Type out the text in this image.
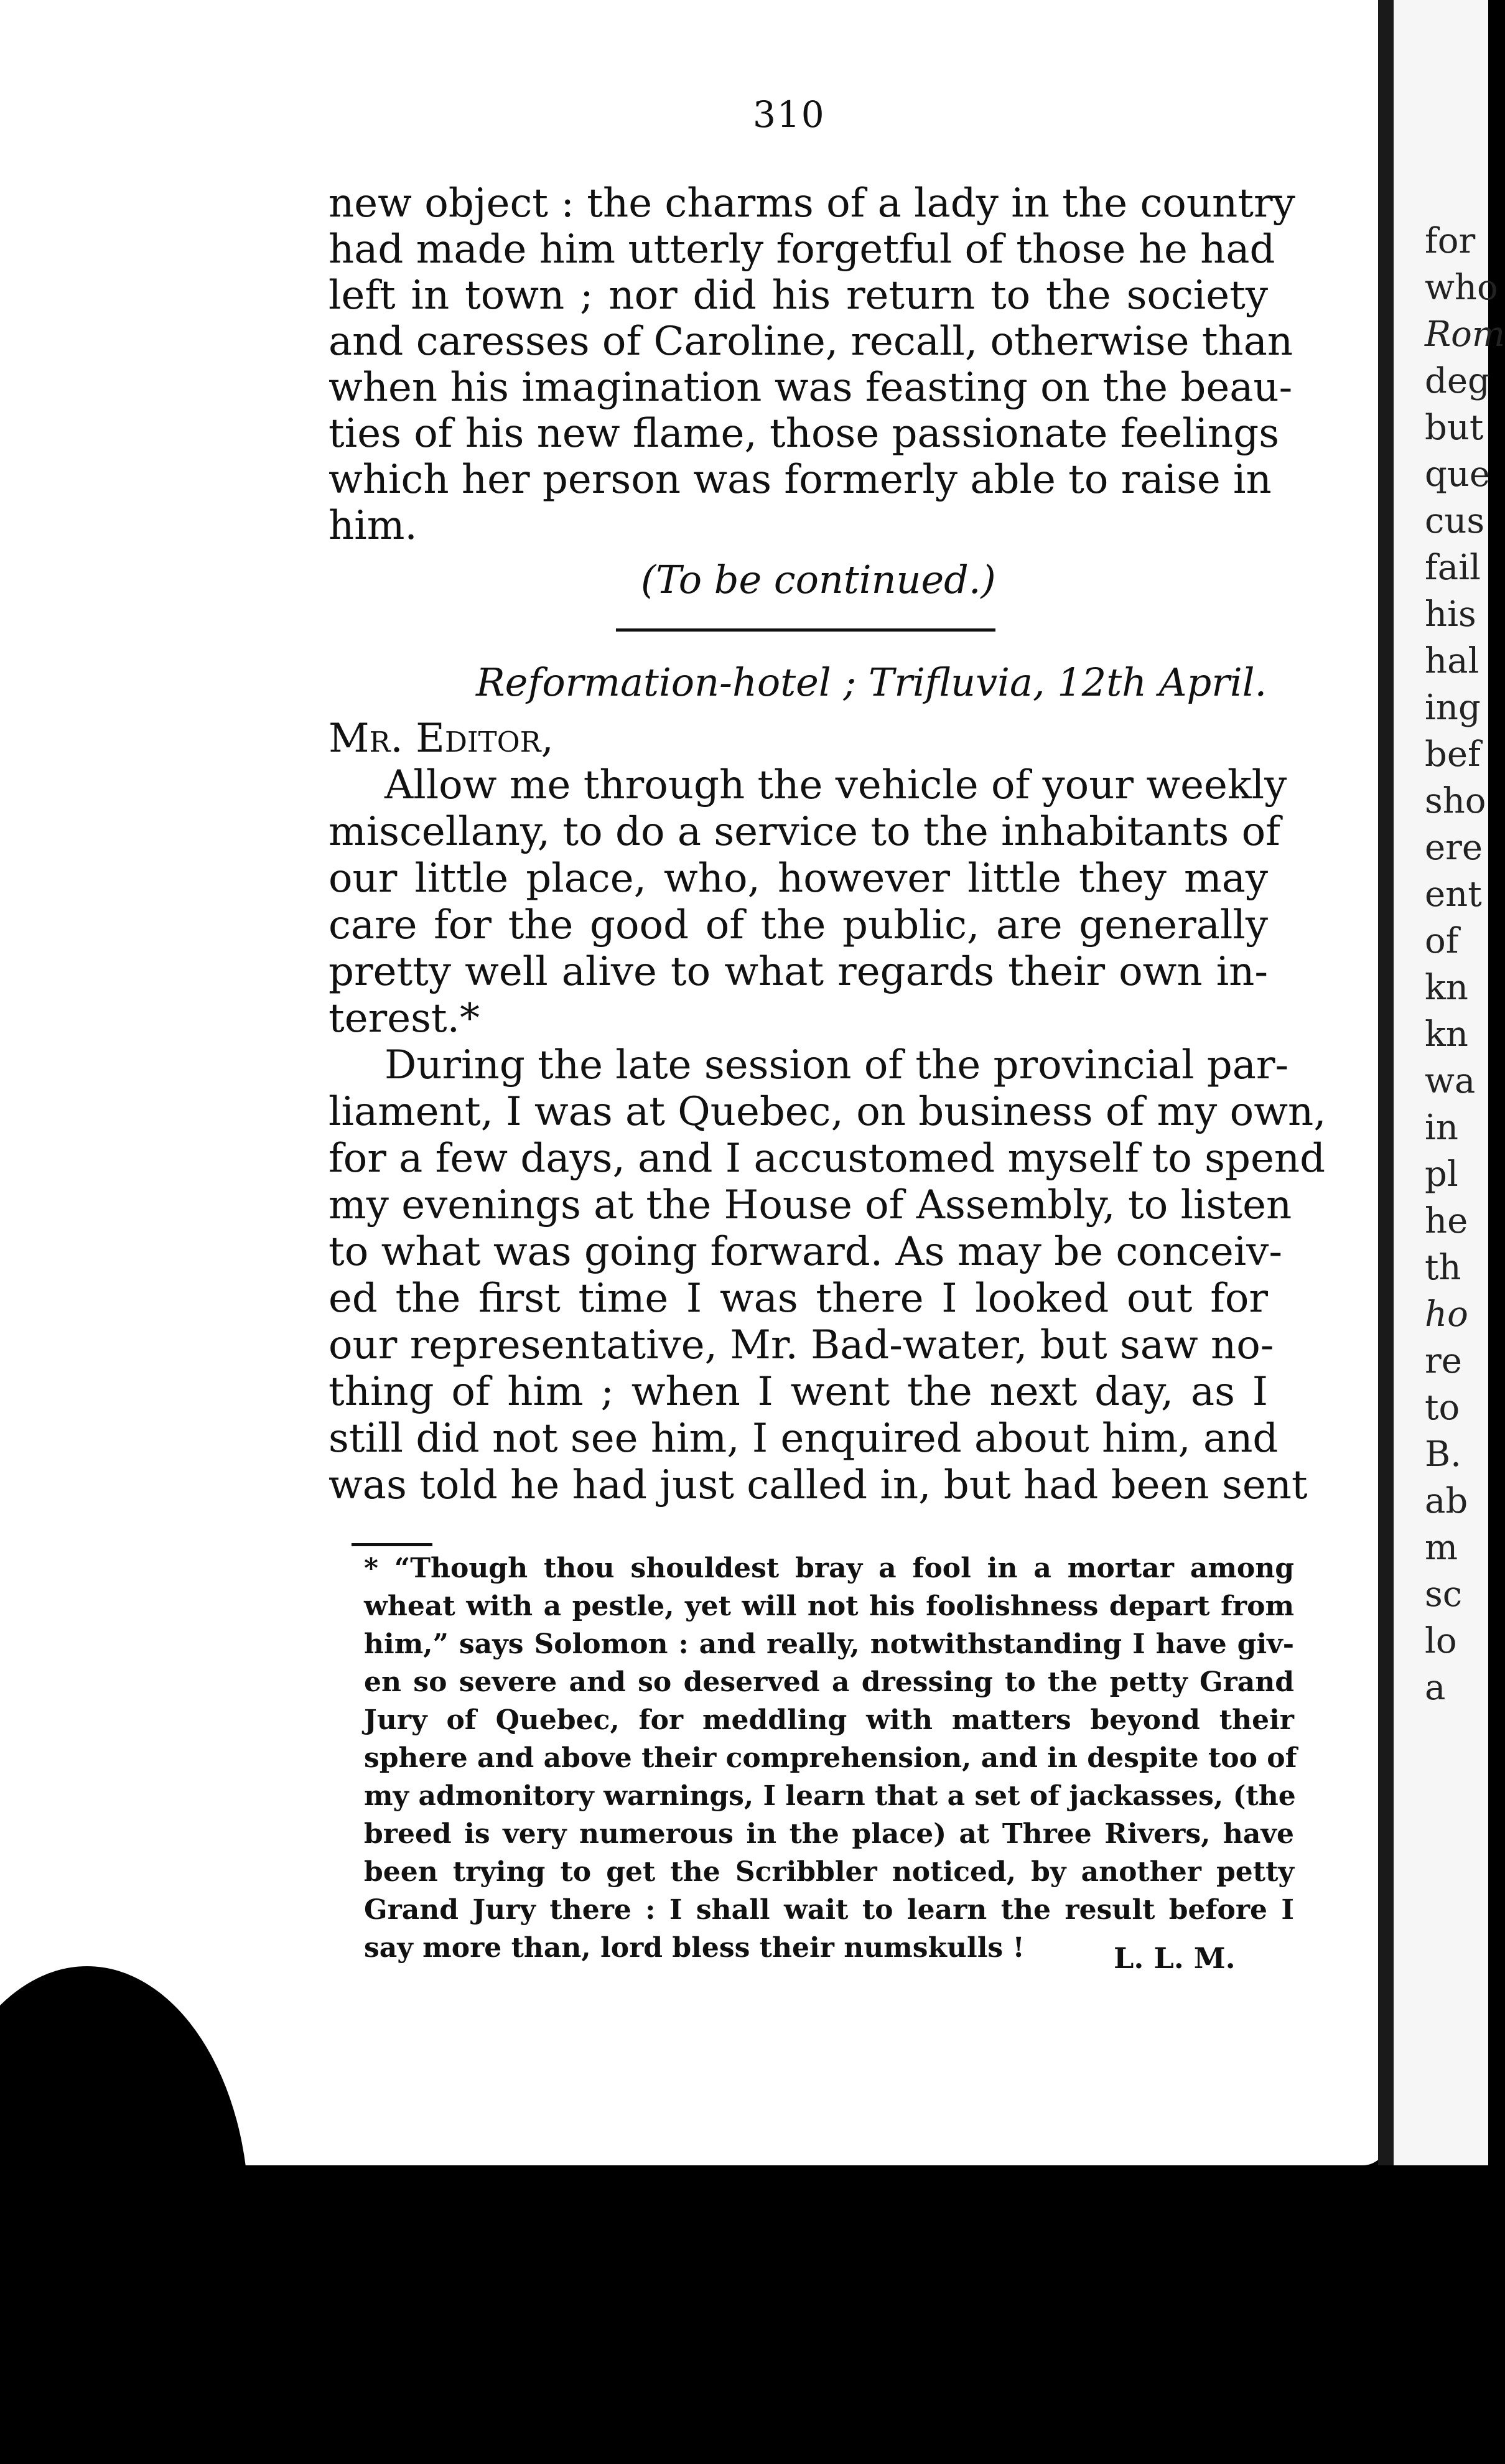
310
new object : the charms of a lady in the country
had made him utterly forgetful of those he had
left in town ; nor did his return to the society
and caresses of Caroline, recall, otherwise than
when his imagination was feasting on the beau-
ties of his new flame, those passionate feelings
which her person was formerly able to raise in
him.
(To be continued.)
Reformation-hotel ; Trifluvia, 12th April.
Mr. Editor,
Allow me through the vehicle of your weekly
miscellany, to do a service to the inhabitants of
our little place, who, however little they may
care for the good of the public, are generally
pretty well alive to what regards their own in-
terest.*
During the late session of the provincial par-
liament, I was at Quebec, on business of my own,
for a few days, and I accustomed myself to spend
my evenings at the House of Assembly, to listen
to what was going forward. As may be conceiv-
ed the first time I was there I looked out for
our representative, Mr. Bad-water, but saw no-
thing of him ; when I went the next day, as I
still did not see him, I enquired about him, and
was told he had just called in, but had been sent
* “Though thou shouldest bray a fool in a mortar among
wheat with a pestle, yet will not his foolishness depart from
him,” says Solomon : and really, notwithstanding I have giv-
en so severe and so deserved a dressing to the petty Grand
Jury of Quebec, for meddling with matters beyond their
sphere and above their comprehension, and in despite too of
my admonitory warnings, I learn that a set of jackasses, (the
breed is very numerous in the place) at Three Rivers, have
been trying to get the Scribbler noticed, by another petty
Grand Jury there : I shall wait to learn the result before I
say more than, lord bless their numskulls !	L. L. M.
for
who
Rom
deg
but
que
cus
fail
his
hal
ing
bef
sho
ere
ent
of
kn
kn
wa
in
pl
he
th
ho
re
to
B.
ab
m
sc
lo
a
